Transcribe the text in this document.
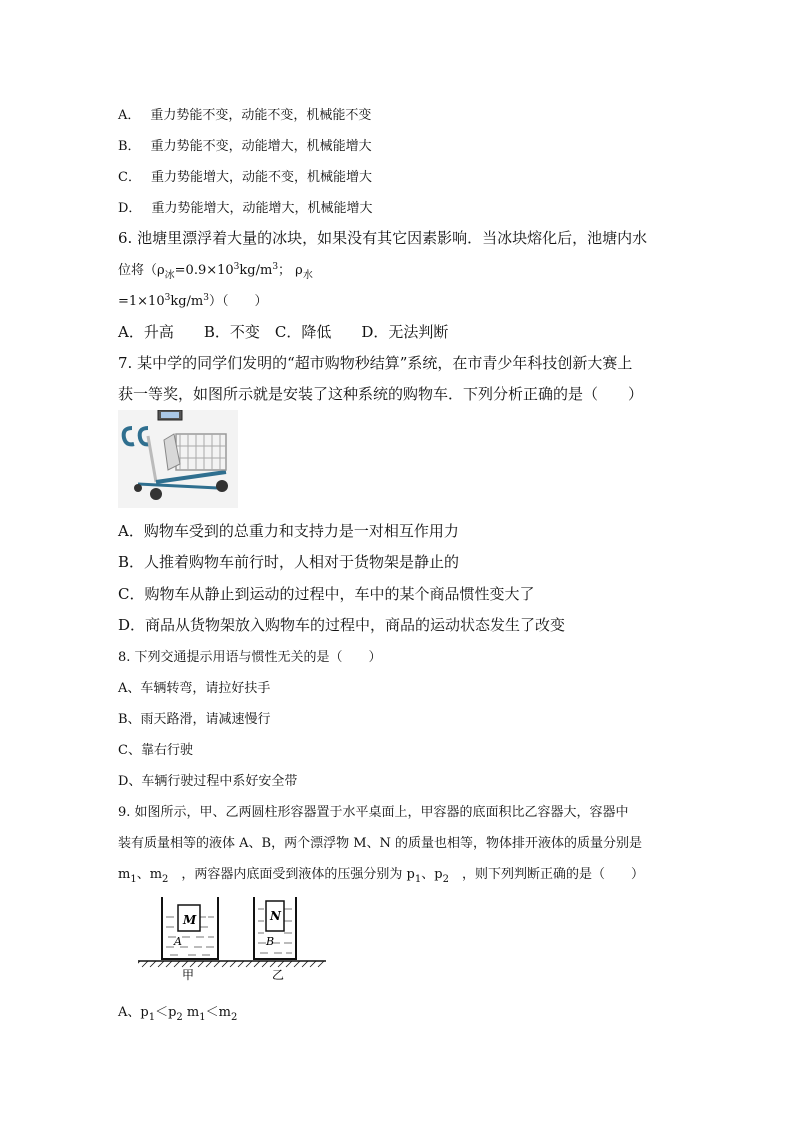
A． 重力势能不变，动能不变，机械能不变
B． 重力势能不变，动能增大，机械能增大
C． 重力势能增大，动能不变，机械能增大
D． 重力势能增大，动能增大，机械能增大
6. 池塘里漂浮着大量的冰块，如果没有其它因素影响．当冰块熔化后，池塘内水
位将（$\rho_冰=0.9\times 10^3kg/m^3$； $\rho_水$
$=1\times 10^3kg/m^3$）（　　）
A．升高　　B．不变　C．降低　　D．无法判断
7. 某中学的同学们发明的“超市购物秒结算”系统，在市青少年科技创新大赛上
获一等奖，如图所示就是安装了这种系统的购物车．下列分析正确的是（　　）
A．购物车受到的总重力和支持力是一对相互作用力
B．人推着购物车前行时，人相对于货物架是静止的
C．购物车从静止到运动的过程中，车中的某个商品惯性变大了
D．商品从货物架放入购物车的过程中，商品的运动状态发生了改变
8. 下列交通提示用语与惯性无关的是（　　）
A、车辆转弯，请拉好扶手
B、雨天路滑，请减速慢行
C、靠右行驶
D、车辆行驶过程中系好安全带
9. 如图所示，甲、乙两圆柱形容器置于水平桌面上，甲容器的底面积比乙容器大，容器中
装有质量相等的液体 A、B，两个漂浮物 M、N 的质量也相等，物体排开液体的质量分别是
$m_1$、$m_2$　，两容器内底面受到液体的压强分别为 $p_1$、$p_2$　，则下列判断正确的是（　　）
M
A
N
B
甲	乙
A、$p_1<p_2$ $m_1<m_2$
